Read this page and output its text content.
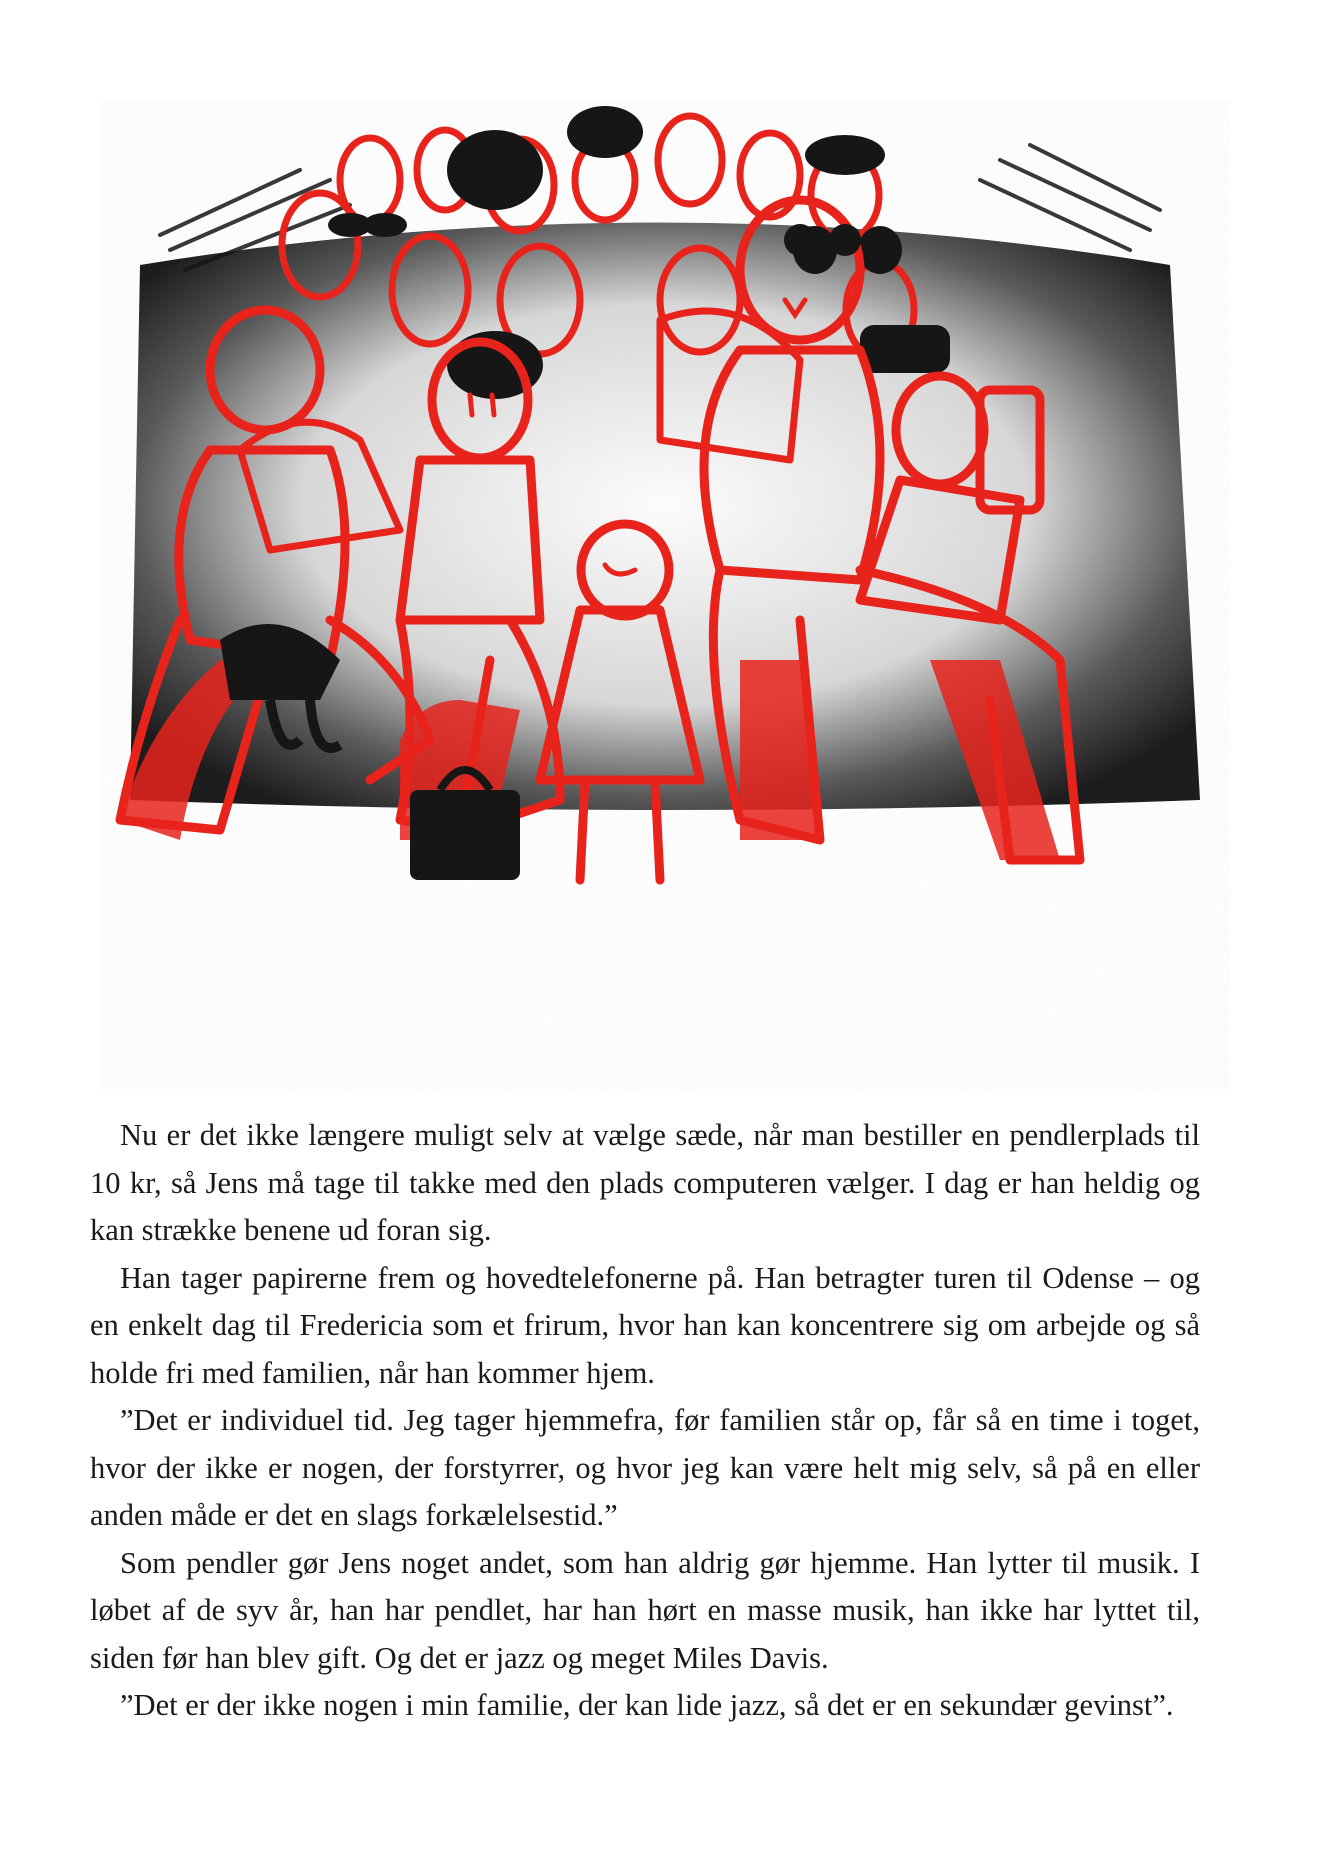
Nu er det ikke længere muligt selv at vælge sæde, når man bestiller en pendlerplads til 10 kr, så Jens må tage til takke med den plads computeren vælger. I dag er han heldig og kan strække benene ud foran sig.

Han tager papirerne frem og hovedtelefonerne på. Han betragter turen til Odense – og en enkelt dag til Fredericia som et frirum, hvor han kan koncentrere sig om arbejde og så holde fri med familien, når han kommer hjem.

”Det er individuel tid. Jeg tager hjemmefra, før familien står op, får så en time i toget, hvor der ikke er nogen, der forstyrrer, og hvor jeg kan være helt mig selv, så på en eller anden måde er det en slags forkælelsestid.”

Som pendler gør Jens noget andet, som han aldrig gør hjemme. Han lytter til musik. I løbet af de syv år, han har pendlet, har han hørt en masse musik, han ikke har lyttet til, siden før han blev gift. Og det er jazz og meget Miles Davis.

”Det er der ikke nogen i min familie, der kan lide jazz, så det er en sekundær gevinst”.
